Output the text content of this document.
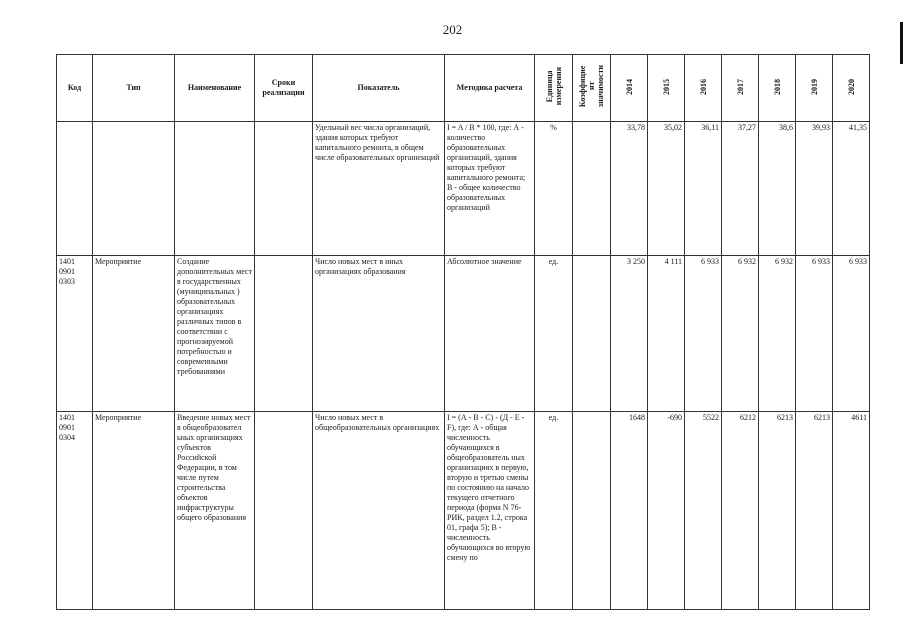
202
Код	Тип	Наименование	Сроки реализации	Показатель	Методика расчета	Единица измерения	Коэффицие нт значимости	2014	2015	2016	2017	2018	2019	2020

				Удельный вес числа организаций, здания которых требуют капитального ремонта, в общем числе образовательных организаций	I = A / B * 100, где: А - количество образовательных организаций, здания которых требуют капитального ремонта; В - общее количество образовательных организаций	%		33,78	35,02	36,11	37,27	38,6	39,93	41,35
1401 0901 0303	Мероприятие	Создание дополнительных мест в государственных (муниципальных ) образовательных организациях различных типов в соответствии с прогнозируемой потребностью и современными требованиями		Число новых мест в иных организациях образования	Абсолютное значение	ед.		3 250	4 111	6 933	6 932	6 932	6 933	6 933
1401 0901 0304	Мероприятие	Введение новых мест в общеобразовател ьных организациях субъектов Российской Федерации, в том числе путем строительства объектов инфраструктуры общего образования		Число новых мест в общеобразовательных организациях	I = (А - В - С) - (Д - Е - F), где: А - общая численность обучающихся в общеобразователь ных организациях в первую, вторую и третью смены по состоянию на начало текущего отчетного периода (форма N 76-РИК, раздел 1.2, строка 01, графа 5); В - численность обучающихся во вторую смену по	ед.		1648	-690	5522	6212	6213	6213	4611
